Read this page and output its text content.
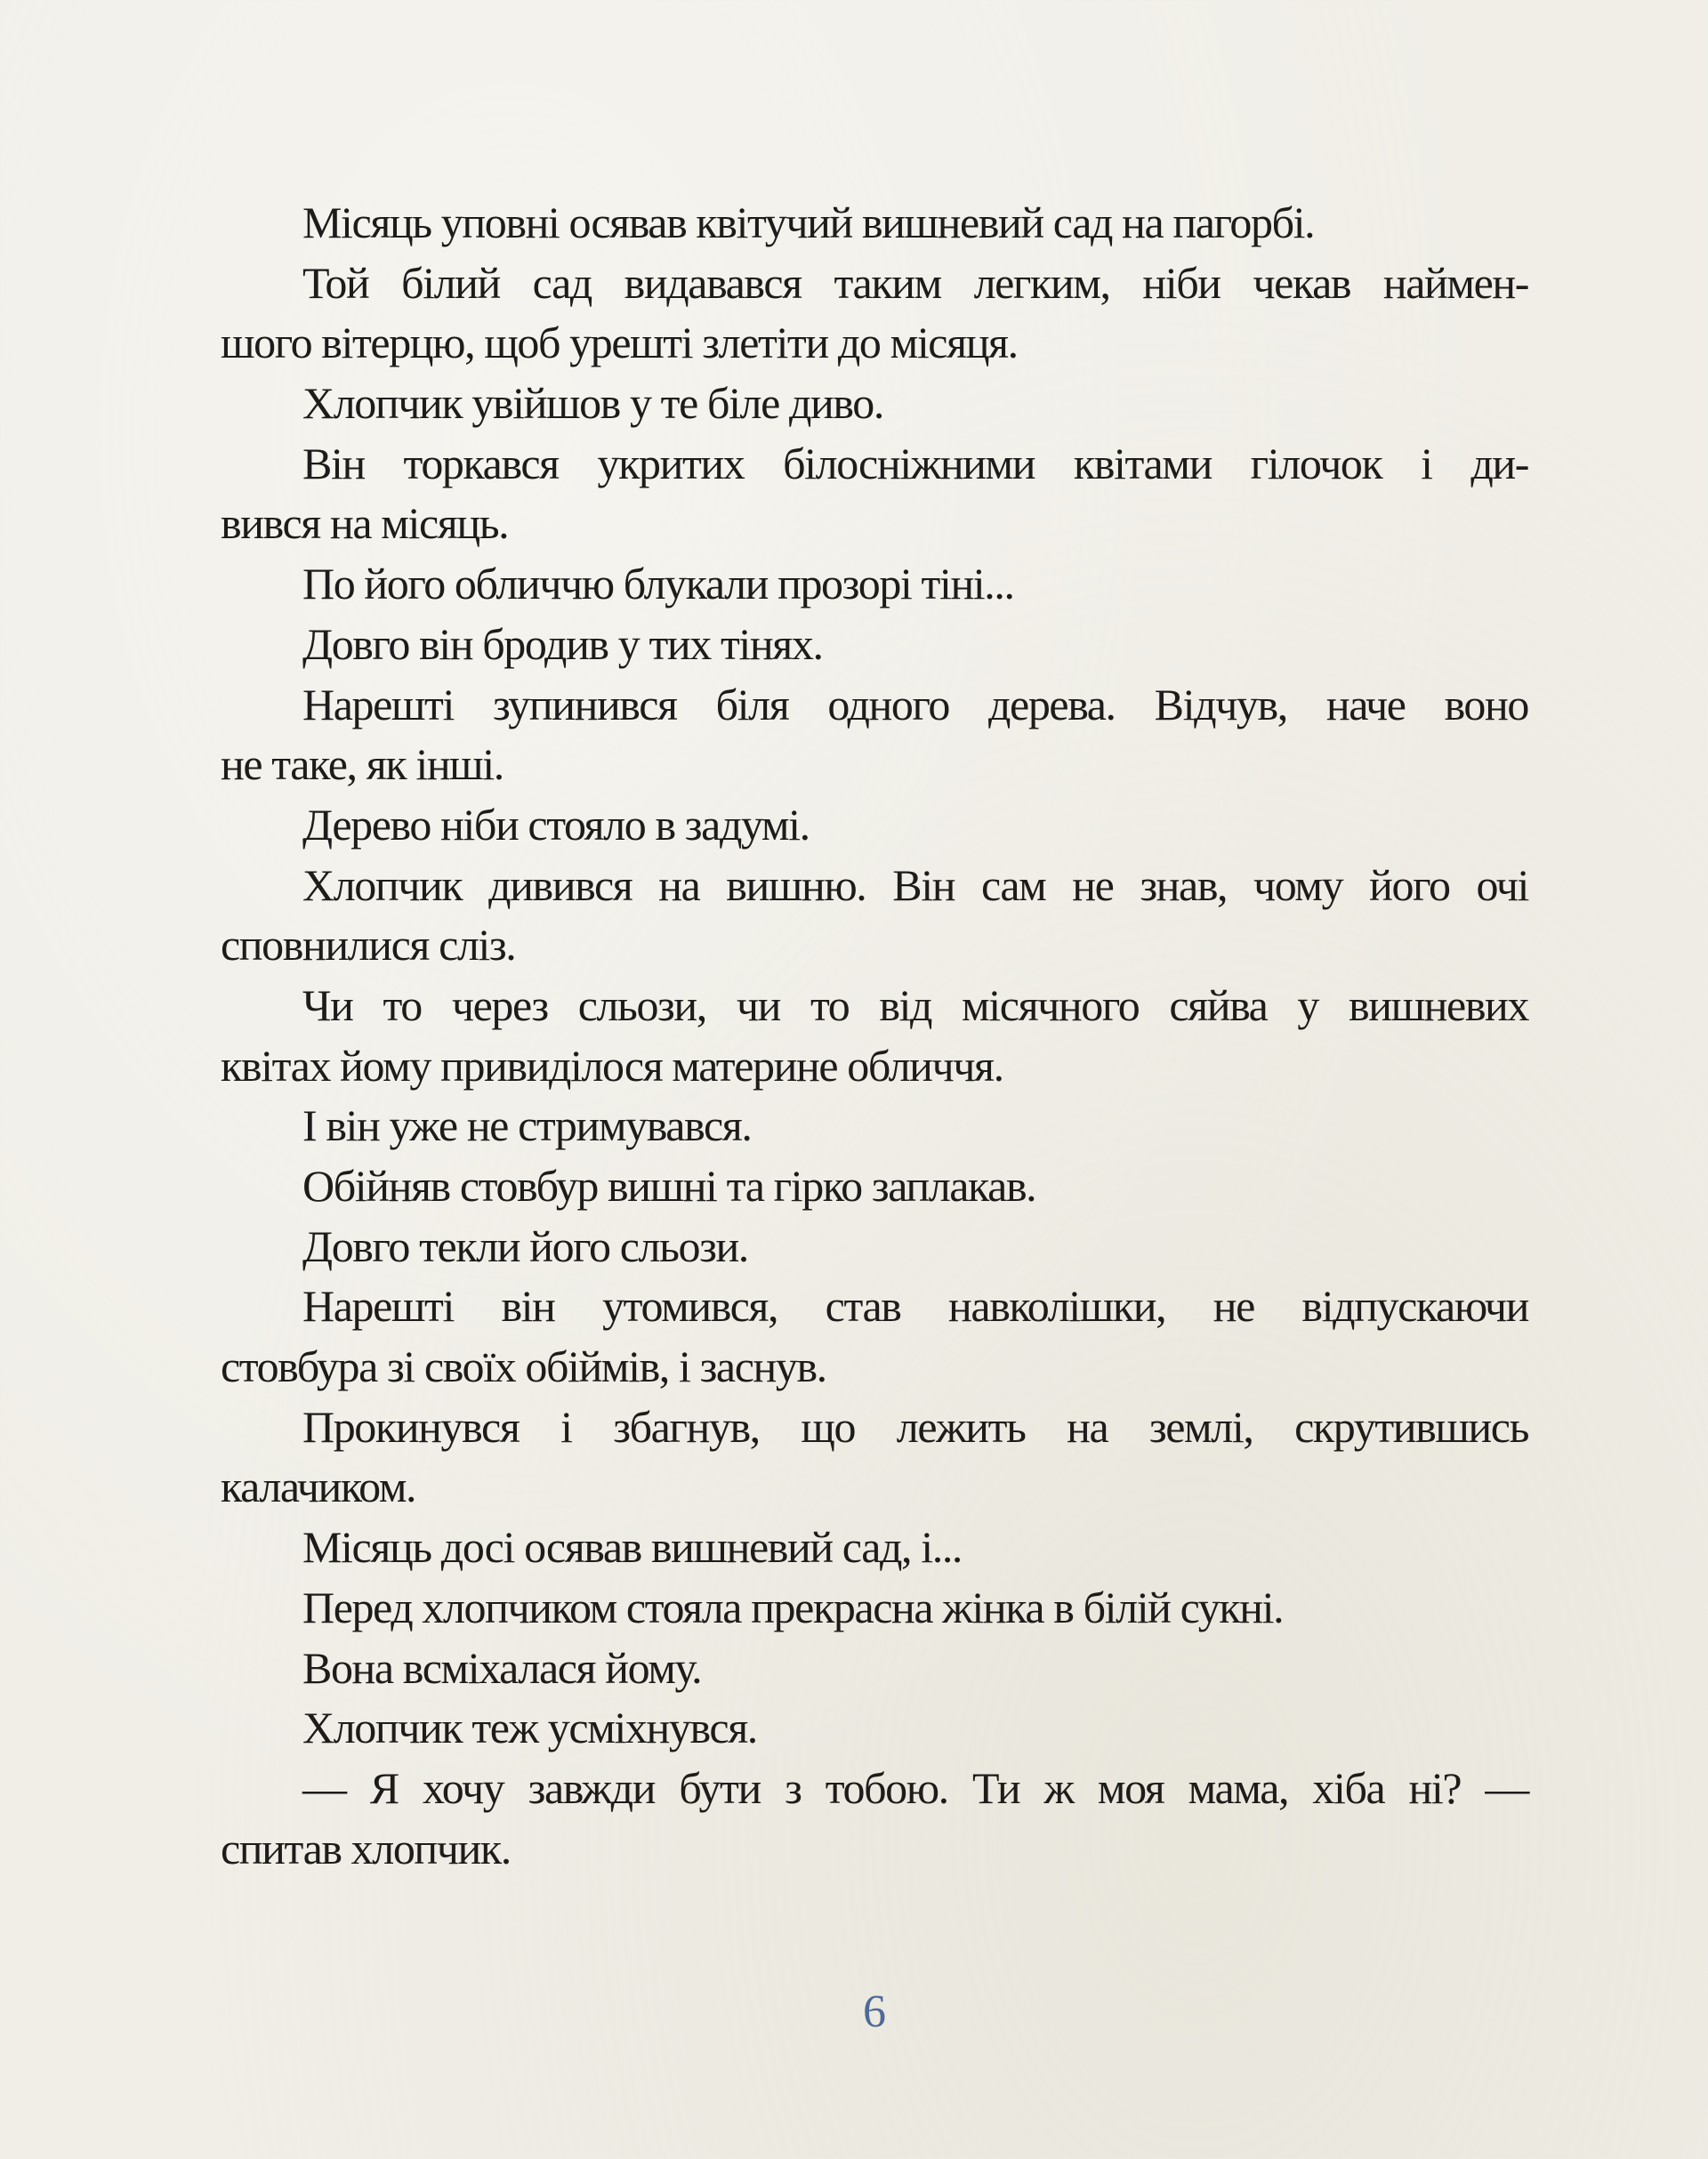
Місяць уповні осявав квітучий вишневий сад на пагорбі.
Той білий сад видавався таким легким, ніби чекав наймен-
шого вітерцю, щоб урешті злетіти до місяця.
Хлопчик увійшов у те біле диво.
Він торкався укритих білосніжними квітами гілочок і ди-
вився на місяць.
По його обличчю блукали прозорі тіні...
Довго він бродив у тих тінях.
Нарешті зупинився біля одного дерева. Відчув, наче воно
не таке, як інші.
Дерево ніби стояло в задумі.
Хлопчик дивився на вишню. Він сам не знав, чому його очі
сповнилися сліз.
Чи то через сльози, чи то від місячного сяйва у вишневих
квітах йому привиділося материне обличчя.
І він уже не стримувався.
Обійняв стовбур вишні та гірко заплакав.
Довго текли його сльози.
Нарешті він утомився, став навколішки, не відпускаючи
стовбура зі своїх обіймів, і заснув.
Прокинувся і збагнув, що лежить на землі, скрутившись
калачиком.
Місяць досі осявав вишневий сад, і...
Перед хлопчиком стояла прекрасна жінка в білій сукні.
Вона всміхалася йому.
Хлопчик теж усміхнувся.
— Я хочу завжди бути з тобою. Ти ж моя мама, хіба ні? —
спитав хлопчик.
6
